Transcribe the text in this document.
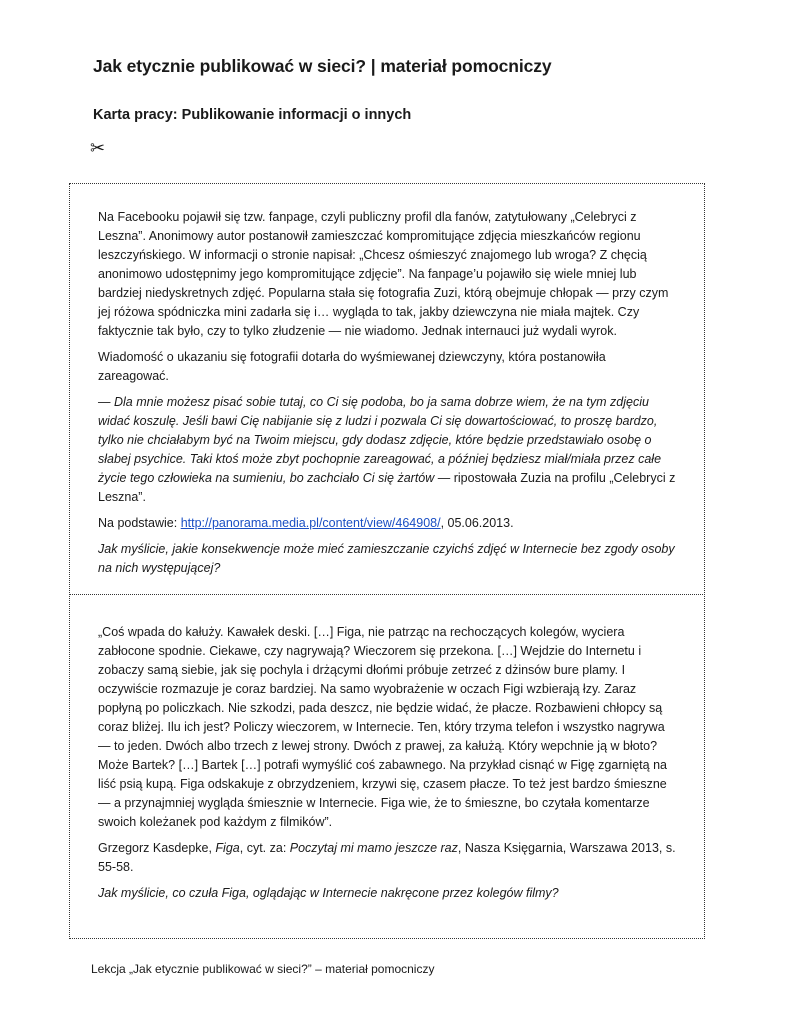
Jak etycznie publikować w sieci? | materiał pomocniczy
Karta pracy: Publikowanie informacji o innych
✂

Na Facebooku pojawił się tzw. fanpage, czyli publiczny profil dla fanów, zatytułowany „Celebryci z Leszna”. Anonimowy autor postanowił zamieszczać kompromitujące zdjęcia mieszkańców regionu leszczyńskiego. W informacji o stronie napisał: „Chcesz ośmieszyć znajomego lub wroga? Z chęcią anonimowo udostępnimy jego kompromitujące zdjęcie”. Na fanpage’u pojawiło się wiele mniej lub bardziej niedyskretnych zdjęć. Popularna stała się fotografia Zuzi, którą obejmuje chłopak — przy czym jej różowa spódniczka mini zadarła się i… wygląda to tak, jakby dziewczyna nie miała majtek. Czy faktycznie tak było, czy to tylko złudzenie — nie wiadomo. Jednak internauci już wydali wyrok.

Wiadomość o ukazaniu się fotografii dotarła do wyśmiewanej dziewczyny, która postanowiła zareagować.

— Dla mnie możesz pisać sobie tutaj, co Ci się podoba, bo ja sama dobrze wiem, że na tym zdjęciu widać koszulę. Jeśli bawi Cię nabijanie się z ludzi i pozwala Ci się dowartościować, to proszę bardzo, tylko nie chciałabym być na Twoim miejscu, gdy dodasz zdjęcie, które będzie przedstawiało osobę o słabej psychice. Taki ktoś może zbyt pochopnie zareagować, a później będziesz miał/miała przez całe życie tego człowieka na sumieniu, bo zachciało Ci się żartów — ripostowała Zuzia na profilu „Celebryci z Leszna”.

Na podstawie: http://panorama.media.pl/content/view/464908/, 05.06.2013.

Jak myślicie, jakie konsekwencje może mieć zamieszczanie czyichś zdjęć w Internecie bez zgody osoby na nich występującej?

„Coś wpada do kałuży. Kawałek deski. […] Figa, nie patrząc na rechoczących kolegów, wyciera zabłocone spodnie. Ciekawe, czy nagrywają? Wieczorem się przekona. […] Wejdzie do Internetu i zobaczy samą siebie, jak się pochyla i drżącymi dłońmi próbuje zetrzeć z dżinsów bure plamy. I oczywiście rozmazuje je coraz bardziej. Na samo wyobrażenie w oczach Figi wzbierają łzy. Zaraz popłyną po policzkach. Nie szkodzi, pada deszcz, nie będzie widać, że płacze. Rozbawieni chłopcy są coraz bliżej. Ilu ich jest? Policzy wieczorem, w Internecie. Ten, który trzyma telefon i wszystko nagrywa — to jeden. Dwóch albo trzech z lewej strony. Dwóch z prawej, za kałużą. Który wepchnie ją w błoto? Może Bartek? […] Bartek […] potrafi wymyślić coś zabawnego. Na przykład cisnąć w Figę zgarniętą na liść psią kupą. Figa odskakuje z obrzydzeniem, krzywi się, czasem płacze. To też jest bardzo śmieszne — a przynajmniej wygląda śmiesznie w Internecie. Figa wie, że to śmieszne, bo czytała komentarze swoich koleżanek pod każdym z filmików”.

Grzegorz Kasdepke, Figa, cyt. za: Poczytaj mi mamo jeszcze raz, Nasza Księgarnia, Warszawa 2013, s. 55-58.

Jak myślicie, co czuła Figa, oglądając w Internecie nakręcone przez kolegów filmy?

Lekcja „Jak etycznie publikować w sieci?” – materiał pomocniczy
